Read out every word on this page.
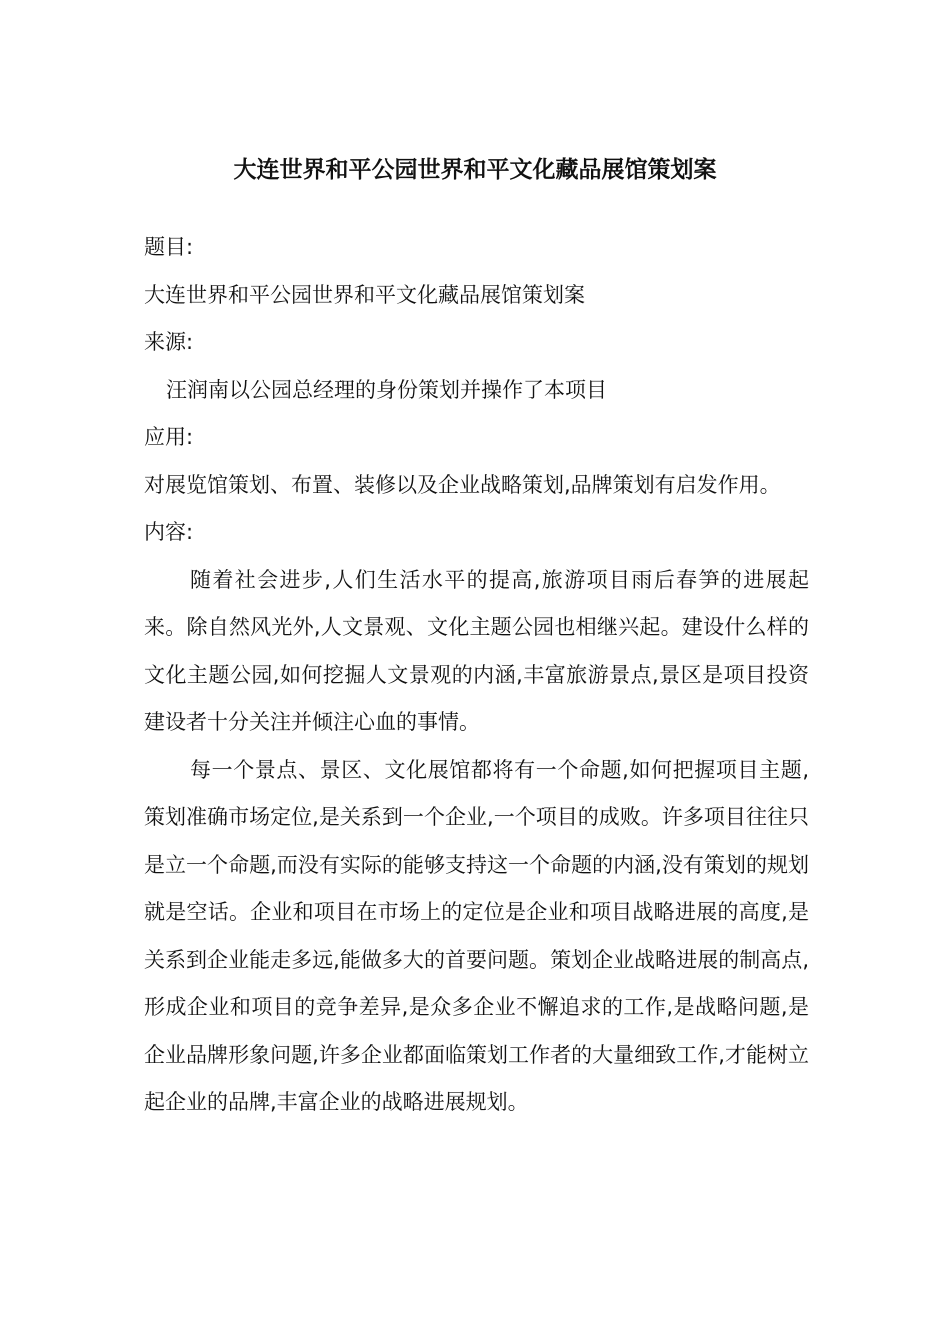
大连世界和平公园世界和平文化藏品展馆策划案

题目:

大连世界和平公园世界和平文化藏品展馆策划案

来源:

汪润南以公园总经理的身份策划并操作了本项目

应用:

对展览馆策划、布置、装修以及企业战略策划,品牌策划有启发作用。

内容:

随着社会进步,人们生活水平的提高,旅游项目雨后春笋的进展起来。除自然风光外,人文景观、文化主题公园也相继兴起。建设什么样的文化主题公园,如何挖掘人文景观的内涵,丰富旅游景点,景区是项目投资建设者十分关注并倾注心血的事情。

每一个景点、景区、文化展馆都将有一个命题,如何把握项目主题,策划准确市场定位,是关系到一个企业,一个项目的成败。许多项目往往只是立一个命题,而没有实际的能够支持这一个命题的内涵,没有策划的规划就是空话。企业和项目在市场上的定位是企业和项目战略进展的高度,是关系到企业能走多远,能做多大的首要问题。策划企业战略进展的制高点,形成企业和项目的竞争差异,是众多企业不懈追求的工作,是战略问题,是企业品牌形象问题,许多企业都面临策划工作者的大量细致工作,才能树立起企业的品牌,丰富企业的战略进展规划。
